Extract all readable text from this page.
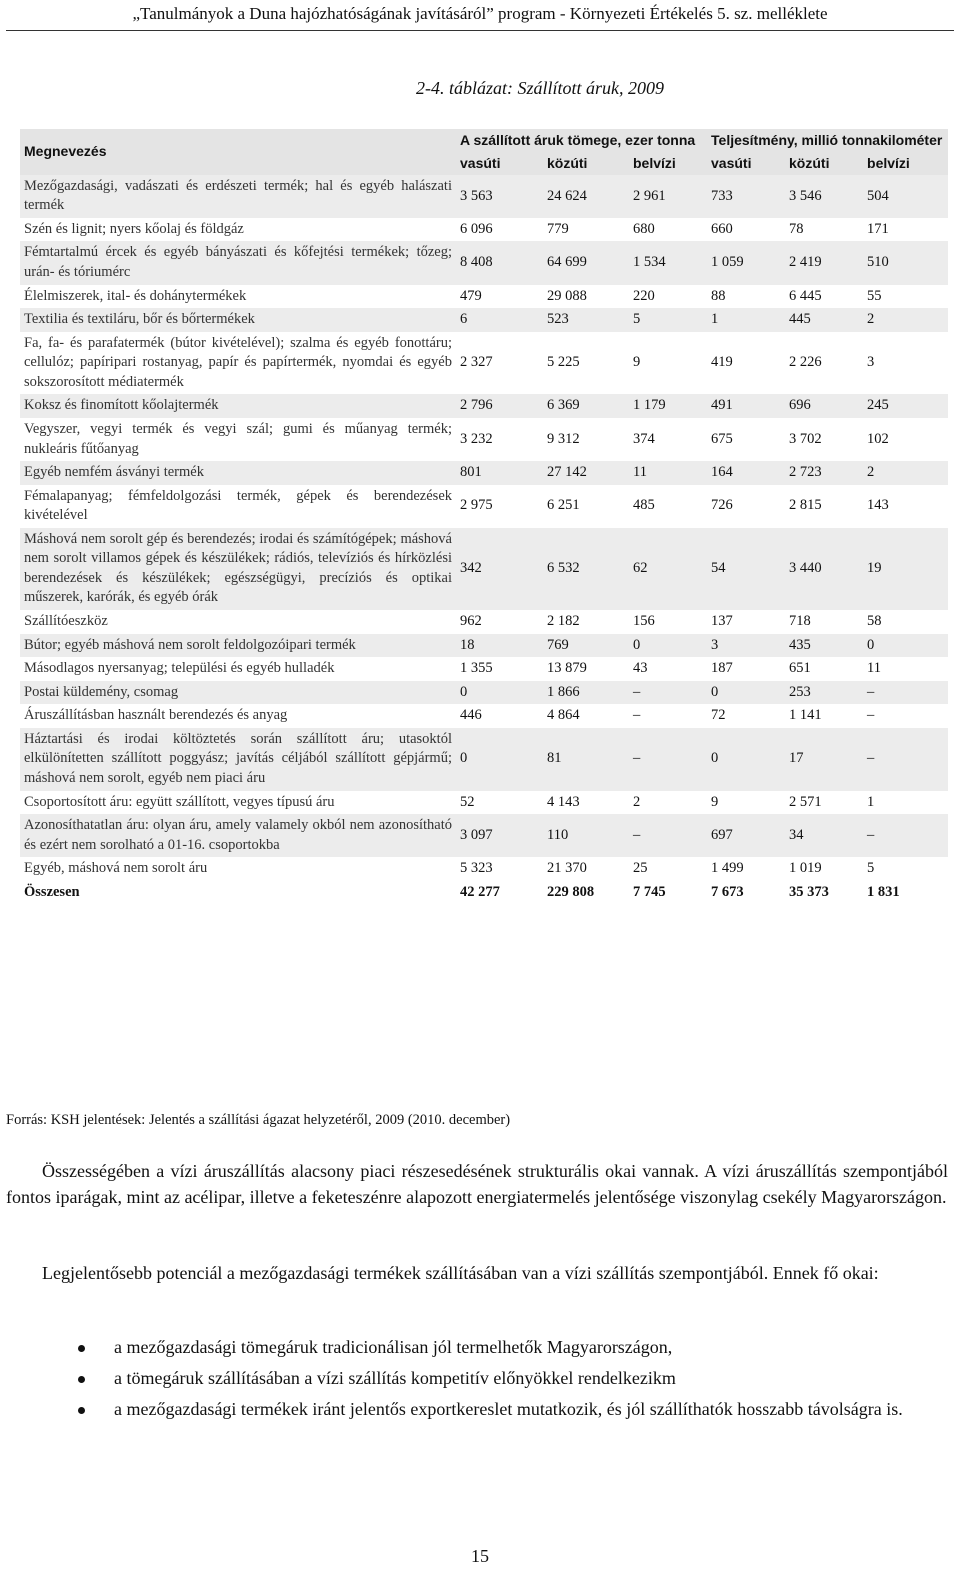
„Tanulmányok a Duna hajózhatóságának javításáról” program - Környezeti Értékelés 5. sz. melléklete
2-4. táblázat: Szállított áruk, 2009
Megnevezés	A szállított áruk tömege, ezer tonna			Teljesítmény, millió tonnakilométer		
	vasúti	közúti	belvízi	vasúti	közúti	belvízi
Mezőgazdasági, vadászati és erdészeti termék; hal és egyéb halászati termék	3 563	24 624	2 961	733	3 546	504
Szén és lignit; nyers kőolaj és földgáz	6 096	779	680	660	78	171
Fémtartalmú ércek és egyéb bányászati és kőfejtési termékek; tőzeg; urán- és tóriumérc	8 408	64 699	1 534	1 059	2 419	510
Élelmiszerek, ital- és dohánytermékek	479	29 088	220	88	6 445	55
Textilia és textiláru, bőr és bőrtermékek	6	523	5	1	445	2
Fa, fa- és parafatermék (bútor kivételével); szalma és egyéb fonottáru; cellulóz; papíripari rostanyag, papír és papírtermék, nyomdai és egyéb sokszorosított médiatermék	2 327	5 225	9	419	2 226	3
Koksz és finomított kőolajtermék	2 796	6 369	1 179	491	696	245
Vegyszer, vegyi termék és vegyi szál; gumi és műanyag termék; nukleáris fűtőanyag	3 232	9 312	374	675	3 702	102
Egyéb nemfém ásványi termék	801	27 142	11	164	2 723	2
Fémalapanyag; fémfeldolgozási termék, gépek és berendezések kivételével	2 975	6 251	485	726	2 815	143
Máshová nem sorolt gép és berendezés; irodai és számítógépek; máshová nem sorolt villamos gépek és készülékek; rádiós, televíziós és hírközlési berendezések és készülékek; egészségügyi, precíziós és optikai műszerek, karórák, és egyéb órák	342	6 532	62	54	3 440	19
Szállítóeszköz	962	2 182	156	137	718	58
Bútor; egyéb máshová nem sorolt feldolgozóipari termék	18	769	0	3	435	0
Másodlagos nyersanyag; települési és egyéb hulladék	1 355	13 879	43	187	651	11
Postai küldemény, csomag	0	1 866	–	0	253	–
Áruszállításban használt berendezés és anyag	446	4 864	–	72	1 141	–
Háztartási és irodai költöztetés során szállított áru; utasoktól elkülönítetten szállított poggyász; javítás céljából szállított gépjármű; máshová nem sorolt, egyéb nem piaci áru	0	81	–	0	17	–
Csoportosított áru: együtt szállított, vegyes típusú áru	52	4 143	2	9	2 571	1
Azonosíthatatlan áru: olyan áru, amely valamely okból nem azonosítható és ezért nem sorolható a 01-16. csoportokba	3 097	110	–	697	34	–
Egyéb, máshová nem sorolt áru	5 323	21 370	25	1 499	1 019	5
Összesen	42 277	229 808	7 745	7 673	35 373	1 831
Forrás: KSH jelentések: Jelentés a szállítási ágazat helyzetéről, 2009 (2010. december)
Összességében a vízi áruszállítás alacsony piaci részesedésének strukturális okai vannak. A vízi áruszállítás szempontjából fontos iparágak, mint az acélipar, illetve a feketeszénre alapozott energiatermelés jelentősége viszonylag csekély Magyarországon.
Legjelentősebb potenciál a mezőgazdasági termékek szállításában van a vízi szállítás szempontjából. Ennek fő okai:
a mezőgazdasági tömegáruk tradicionálisan jól termelhetők Magyarországon,
a tömegáruk szállításában a vízi szállítás kompetitív előnyökkel rendelkezikm
a mezőgazdasági termékek iránt jelentős exportkereslet mutatkozik, és jól szállíthatók hosszabb távolságra is.
15
